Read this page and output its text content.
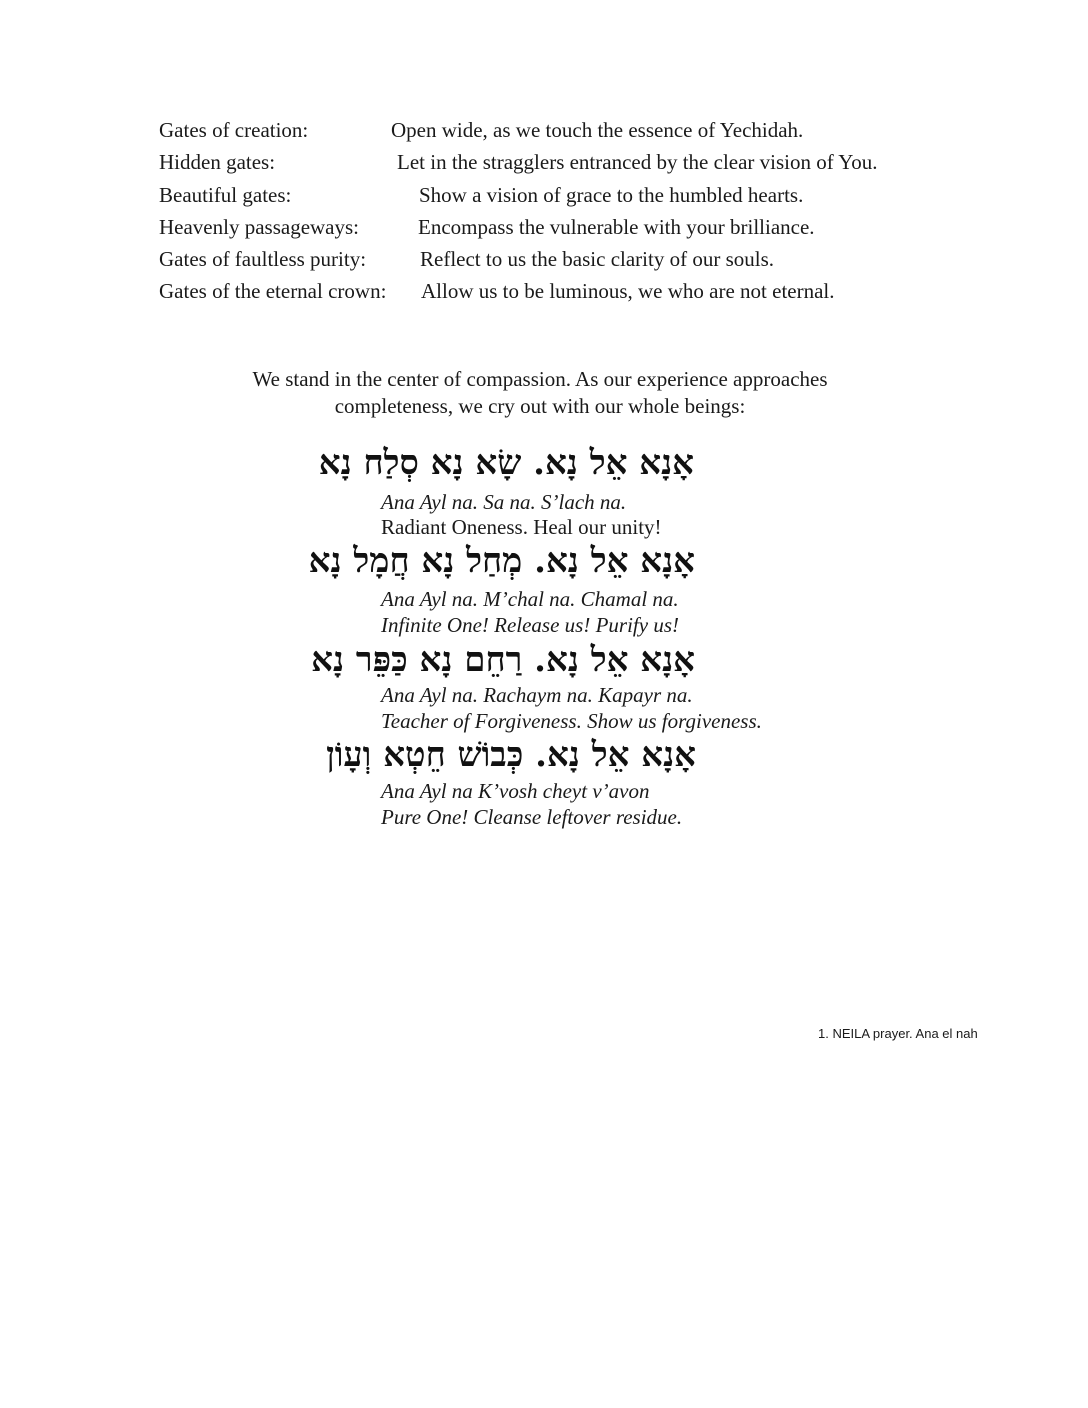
Gates of creation:	Open wide, as we touch the essence of Yechidah.
Hidden gates:	Let in the stragglers entranced by the clear vision of You.
Beautiful gates:	Show a vision of grace to the humbled hearts.
Heavenly passageways:	Encompass the vulnerable with your brilliance.
Gates of faultless purity:	Reflect to us the basic clarity of our souls.
Gates of the eternal crown: Allow us to be luminous, we who are not eternal.
We stand in the center of compassion. As our experience approaches
completeness, we cry out with our whole beings:
אָנָא אֵל נָא. שָׂא נָא סְלַח נָא
Ana Ayl na. Sa na. S’lach na.
Radiant Oneness. Heal our unity!
אָנָא אֵל נָא. מְחַל נָא חֲמָל נָא
Ana Ayl na. M’chal na. Chamal na.
Infinite One! Release us! Purify us!
אָנָא אֵל נָא. רַחֵם נָא כַּפֵּר נָא
Ana Ayl na. Rachaym na. Kapayr na.
Teacher of Forgiveness. Show us forgiveness.
אָנָא אֵל נָא. כְּבוֹשׁ חֵטְא וְעָוֹן
Ana Ayl na K’vosh cheyt v’avon
Pure One! Cleanse leftover residue.
1. NEILA prayer. Ana el nah
